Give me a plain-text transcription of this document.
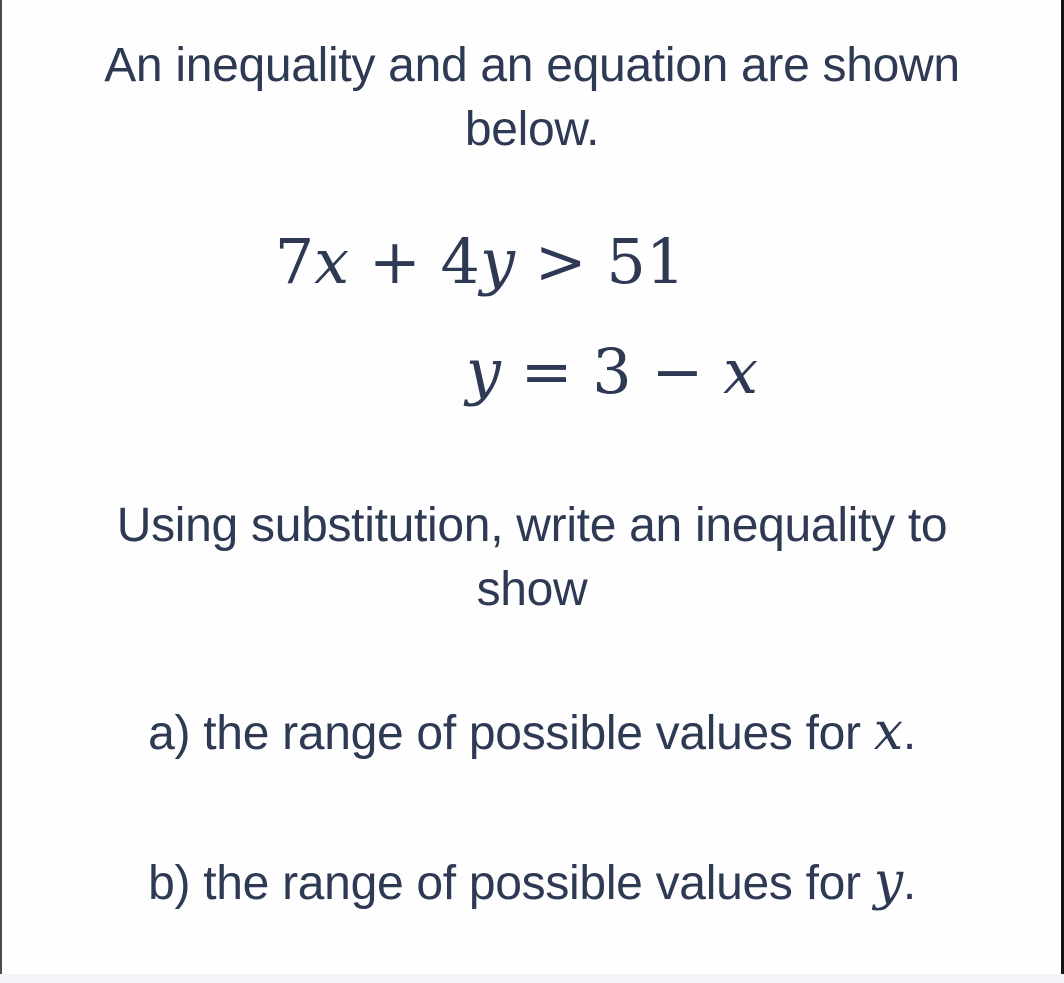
An inequality and an equation are shown
below.
7x + 4y > 51
y = 3 − x
Using substitution, write an inequality to
show
a) the range of possible values for x.
b) the range of possible values for y.
